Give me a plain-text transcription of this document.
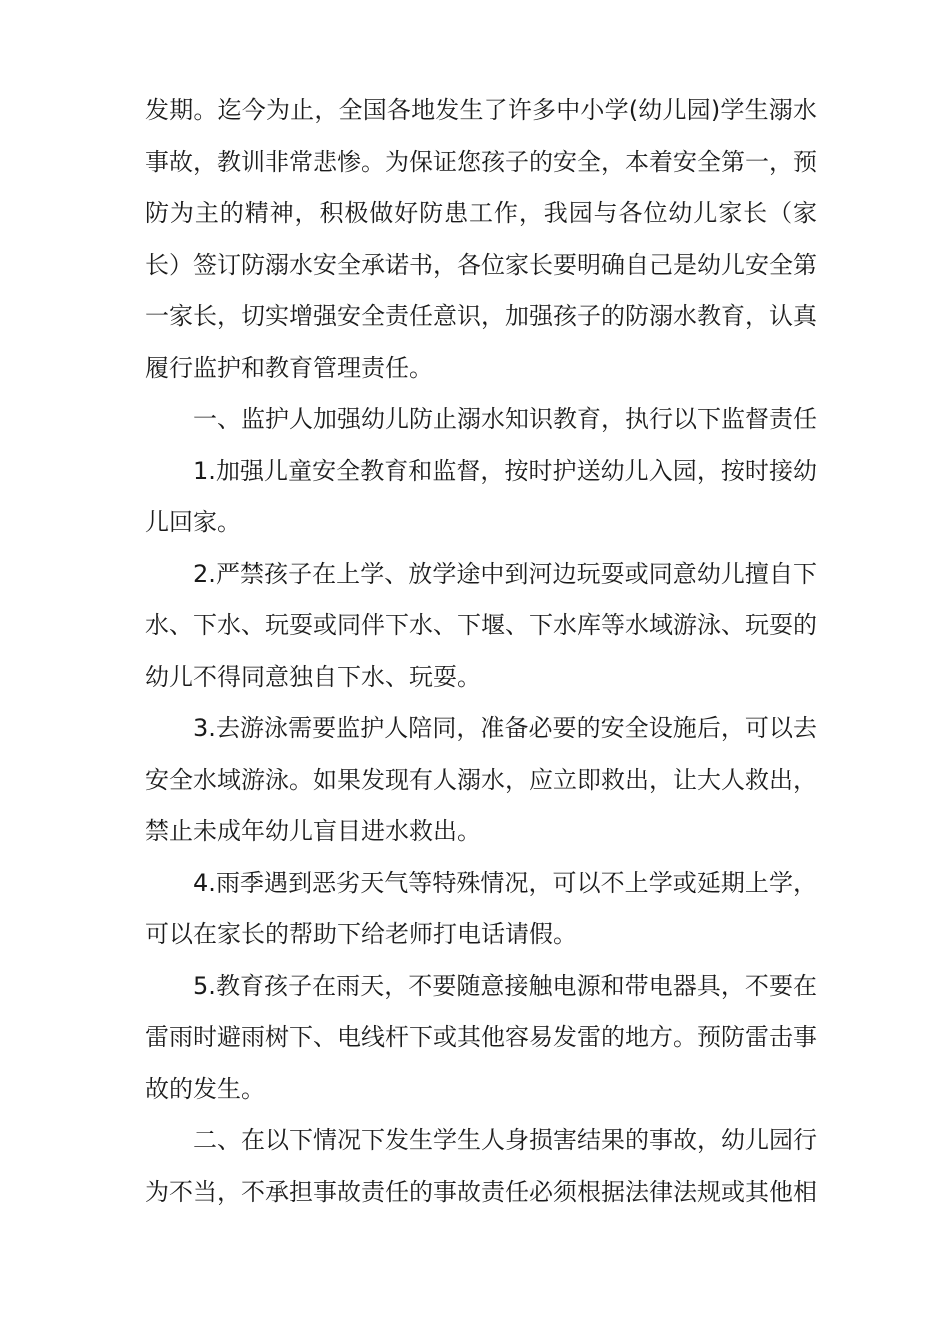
发期。迄今为止，全国各地发生了许多中小学(幼儿园)学生溺水事故，教训非常悲惨。为保证您孩子的安全，本着安全第一，预防为主的精神，积极做好防患工作，我园与各位幼儿家长（家长）签订防溺水安全承诺书，各位家长要明确自己是幼儿安全第一家长，切实增强安全责任意识，加强孩子的防溺水教育，认真履行监护和教育管理责任。

一、监护人加强幼儿防止溺水知识教育，执行以下监督责任

1.加强儿童安全教育和监督，按时护送幼儿入园，按时接幼儿回家。

2.严禁孩子在上学、放学途中到河边玩耍或同意幼儿擅自下水、下水、玩耍或同伴下水、下堰、下水库等水域游泳、玩耍的幼儿不得同意独自下水、玩耍。

3.去游泳需要监护人陪同，准备必要的安全设施后，可以去安全水域游泳。如果发现有人溺水，应立即救出，让大人救出，禁止未成年幼儿盲目进水救出。

4.雨季遇到恶劣天气等特殊情况，可以不上学或延期上学，可以在家长的帮助下给老师打电话请假。

5.教育孩子在雨天，不要随意接触电源和带电器具，不要在雷雨时避雨树下、电线杆下或其他容易发雷的地方。预防雷击事故的发生。

二、在以下情况下发生学生人身损害结果的事故，幼儿园行为不当，不承担事故责任的事故责任必须根据法律法规或其他相
